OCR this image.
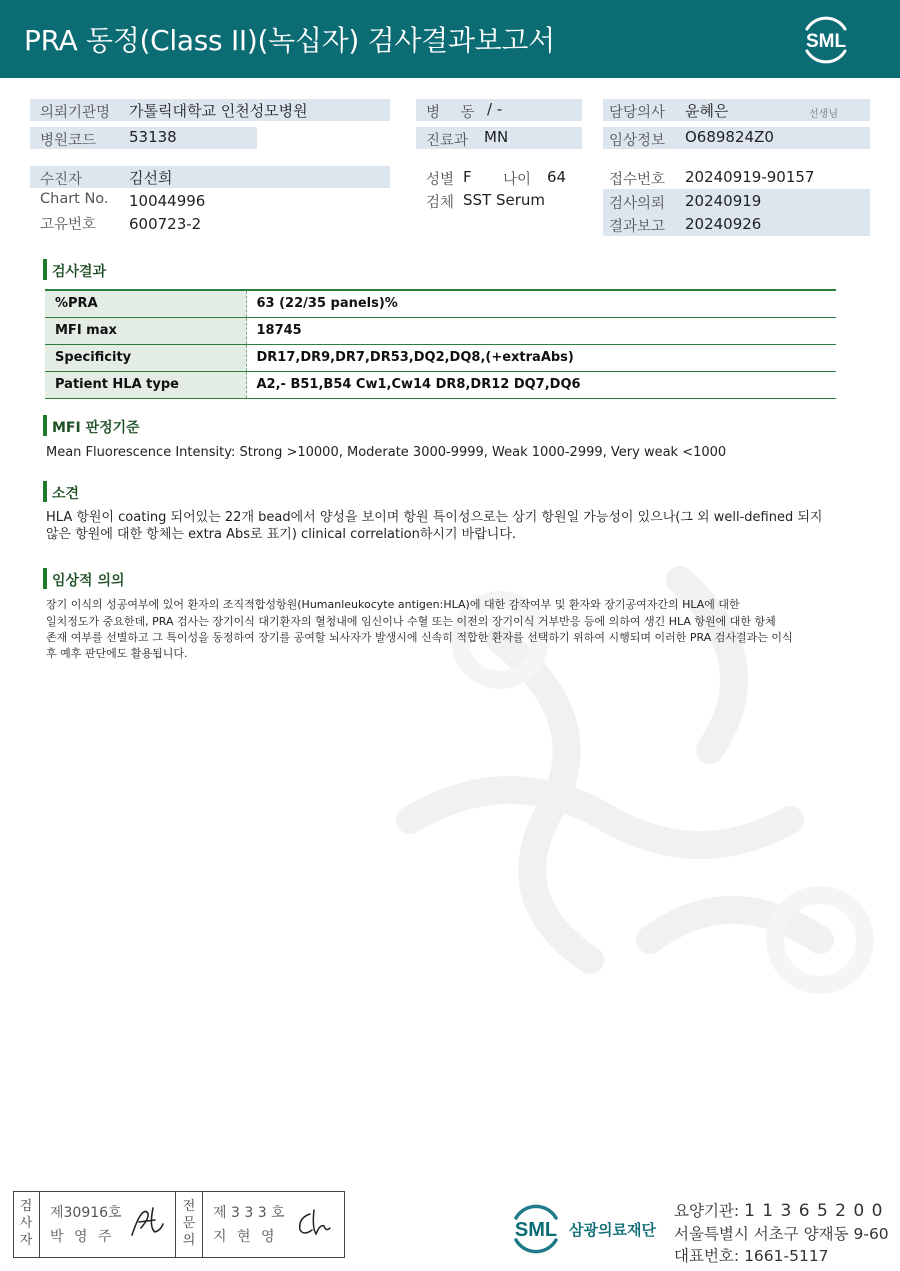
PRA 동정(Class II)(녹십자) 검사결과보고서	SML
의뢰기관명 가톨릭대학교 인천성모병원	병 동 / -	담당의사 윤혜은	선생님
병원코드 53138	진료과 MN	임상정보 O689824Z0
수진자	김선희
Chart No. 10044996
고유번호 600723-2
성별 F 나이 64
검체 SST Serum
접수번호 20240919-90157
검사의뢰 20240919
결과보고 20240926
검사결과
%PRA	63 (22/35 panels)%
MFI max	18745
Specificity	DR17,DR9,DR7,DR53,DQ2,DQ8,(+extraAbs)
Patient HLA type	A2,- B51,B54 Cw1,Cw14 DR8,DR12 DQ7,DQ6
MFI 판정기준
Mean Fluorescence Intensity: Strong >10000, Moderate 3000-9999, Weak 1000-2999, Very weak <1000
소견
HLA 항원이 coating 되어있는 22개 bead에서 양성을 보이며 항원 특이성으로는 상기 항원일 가능성이 있으나(그 외 well-defined 되지
않은 항원에 대한 항체는 extra Abs로 표기) clinical correlation하시기 바랍니다.
임상적 의의
장기 이식의 성공여부에 있어 환자의 조직적합성항원(Humanleukocyte antigen:HLA)에 대한 감작여부 및 환자와 장기공여자간의 HLA에 대한
일치정도가 중요한데, PRA 검사는 장기이식 대기환자의 혈청내에 임신이나 수혈 또는 이전의 장기이식 거부반응 등에 의하여 생긴 HLA 항원에 대한 항체
존재 여부를 선별하고 그 특이성을 동정하여 장기를 공여할 뇌사자가 발생시에 신속히 적합한 환자를 선택하기 위하여 시행되며 이러한 PRA 검사결과는 이식
후 예후 판단에도 활용됩니다.
검
사
자
제30916호
박 영 주
전
문
의
제 3 3 3 호
지 현 영	SML 삼광의료재단
요양기관: 1 1 3 6 5 2 0 0
서울특별시 서초구 양재동 9-60
대표번호: 1661-5117
